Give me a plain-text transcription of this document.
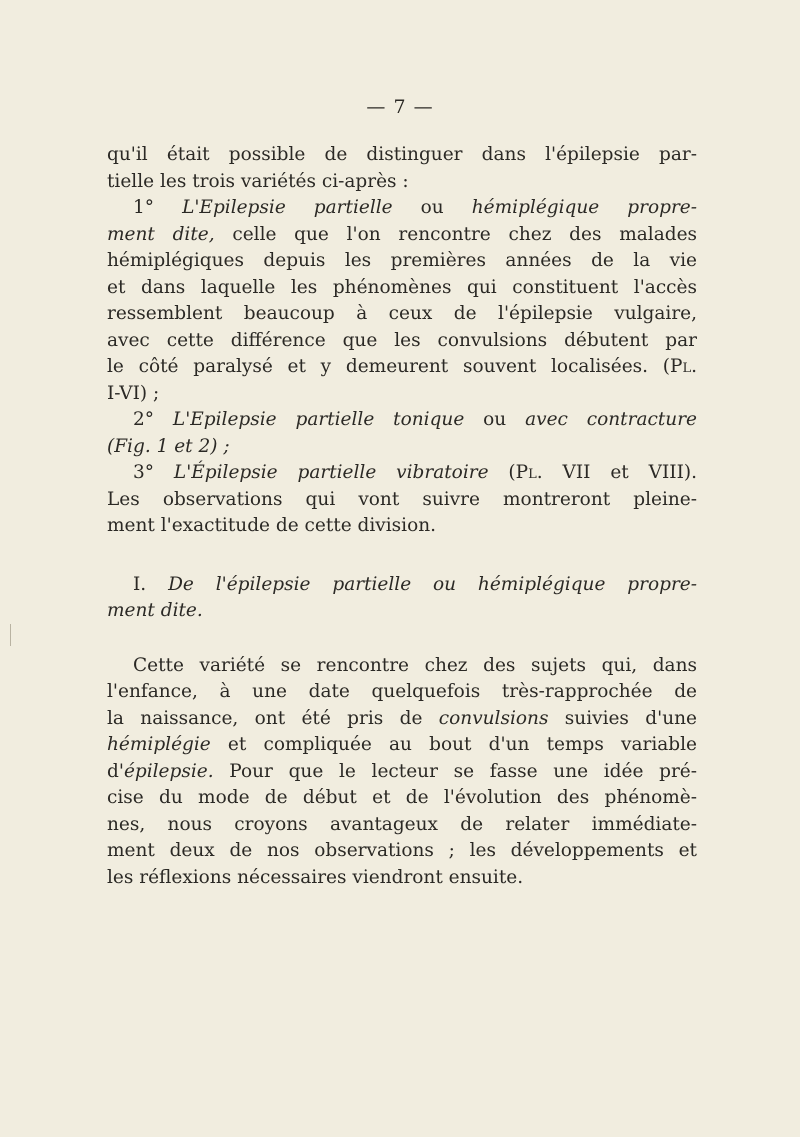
— 7 —
qu'il était possible de distinguer dans l'épilepsie par-
tielle les trois variétés ci-après :
1° L'Epilepsie partielle ou hémiplégique propre-
ment dite, celle que l'on rencontre chez des malades
hémiplégiques depuis les premières années de la vie
et dans laquelle les phénomènes qui constituent l'accès
ressemblent beaucoup à ceux de l'épilepsie vulgaire,
avec cette différence que les convulsions débutent par
le côté paralysé et y demeurent souvent localisées. (Pl.
I-VI) ;
2° L'Epilepsie partielle tonique ou avec contracture
(Fig. 1 et 2) ;
3° L'Épilepsie partielle vibratoire (Pl. VII et VIII).
Les observations qui vont suivre montreront pleine-
ment l'exactitude de cette division.
I. De l'épilepsie partielle ou hémiplégique propre-
ment dite.
Cette variété se rencontre chez des sujets qui, dans
l'enfance, à une date quelquefois très-rapprochée de
la naissance, ont été pris de convulsions suivies d'une
hémiplégie et compliquée au bout d'un temps variable
d'épilepsie. Pour que le lecteur se fasse une idée pré-
cise du mode de début et de l'évolution des phénomè-
nes, nous croyons avantageux de relater immédiate-
ment deux de nos observations ; les développements et
les réflexions nécessaires viendront ensuite.
